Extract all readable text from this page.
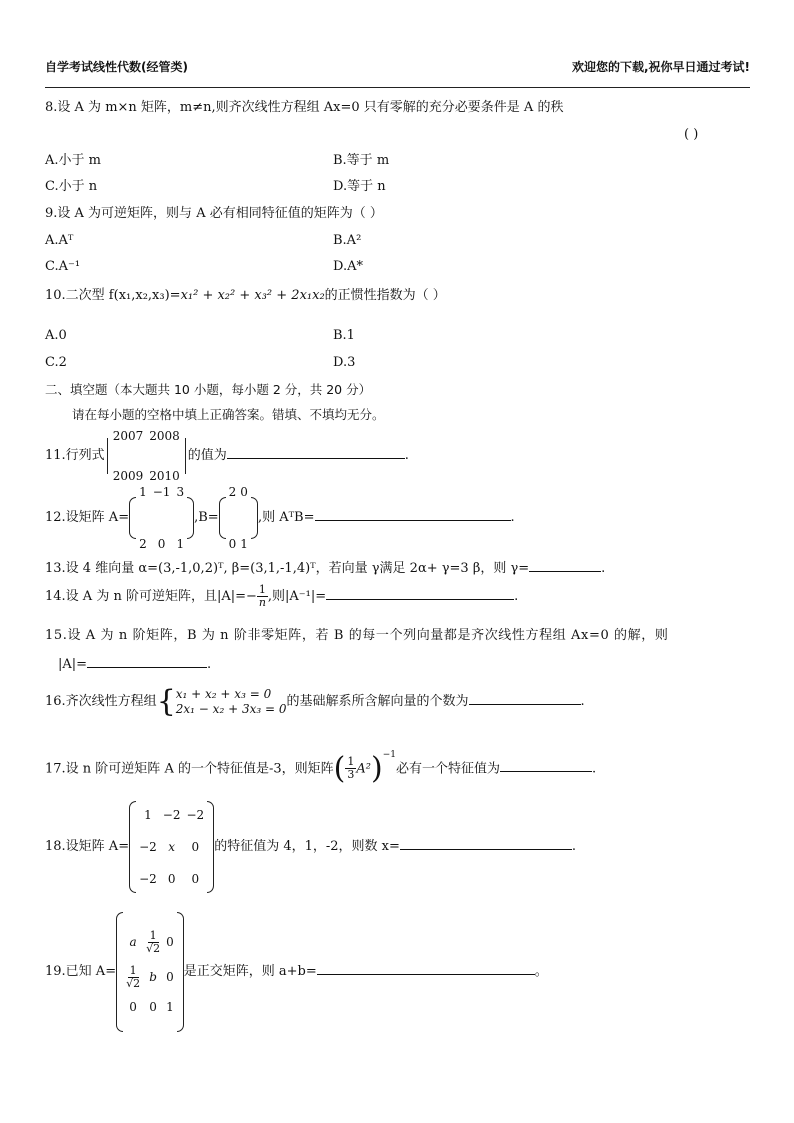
自学考试线性代数(经管类)	欢迎您的下载,祝你早日通过考试!
8.设 A 为 m×n 矩阵，m≠n,则齐次线性方程组 Ax=0 只有零解的充分必要条件是 A 的秩
( )
A.小于 m	B.等于 m
C.小于 n	D.等于 n
9.设 A 为可逆矩阵，则与 A 必有相同特征值的矩阵为（ ）
A.Aᵀ	B.A²
C.A⁻¹	D.A*
10.二次型 f(x₁,x₂,x₃)=x₁² + x₂² + x₃² + 2x₁x₂的正惯性指数为（ ）
A.0	B.1
C.2	D.3
二、填空题（本大题共 10 小题，每小题 2 分，共 20 分）
请在每小题的空格中填上正确答案。错填、不填均无分。
11.行列式
2007 2008
2009 2010
的值为	.
12.设矩阵 A=
1 −1 3
2 0 1
,B=
2 0
0 1
,则 AᵀB=	.
13.设 4 维向量 α=(3,-1,0,2)ᵀ, β=(3,1,-1,4)ᵀ，若向量 γ满足 2α+ γ=3 β，则 γ=	.
14.设 A 为 n 阶可逆矩阵，且$|A|=- \frac{1}{n}$ ,则|A⁻¹|=	.
15.设 A 为 n 阶矩阵，B 为 n 阶非零矩阵，若 B 的每一个列向量都是齐次线性方程组 Ax=0 的解，则
|A|=	.
16.齐次线性方程组 { x₁ + x₂ + x₃ = 0
2x₁ − x₂ + 3x₃ = 0 的基础解系所含解向量的个数为	.
17.设 n 阶可逆矩阵 A 的一个特征值是-3，则矩阵( $\frac{1}{3} A^2)^{-1}$必有一个特征值为	.
18.设矩阵 A=
1 −2 −2
−2 x	0
−2 0	0
的特征值为 4，1，-2，则数 x=	.
19.已知 A=
a $\frac{1}{√2} 0$
$\frac{1}{√2}$ b 0
0 0 1
是正交矩阵，则 a+b=	。
